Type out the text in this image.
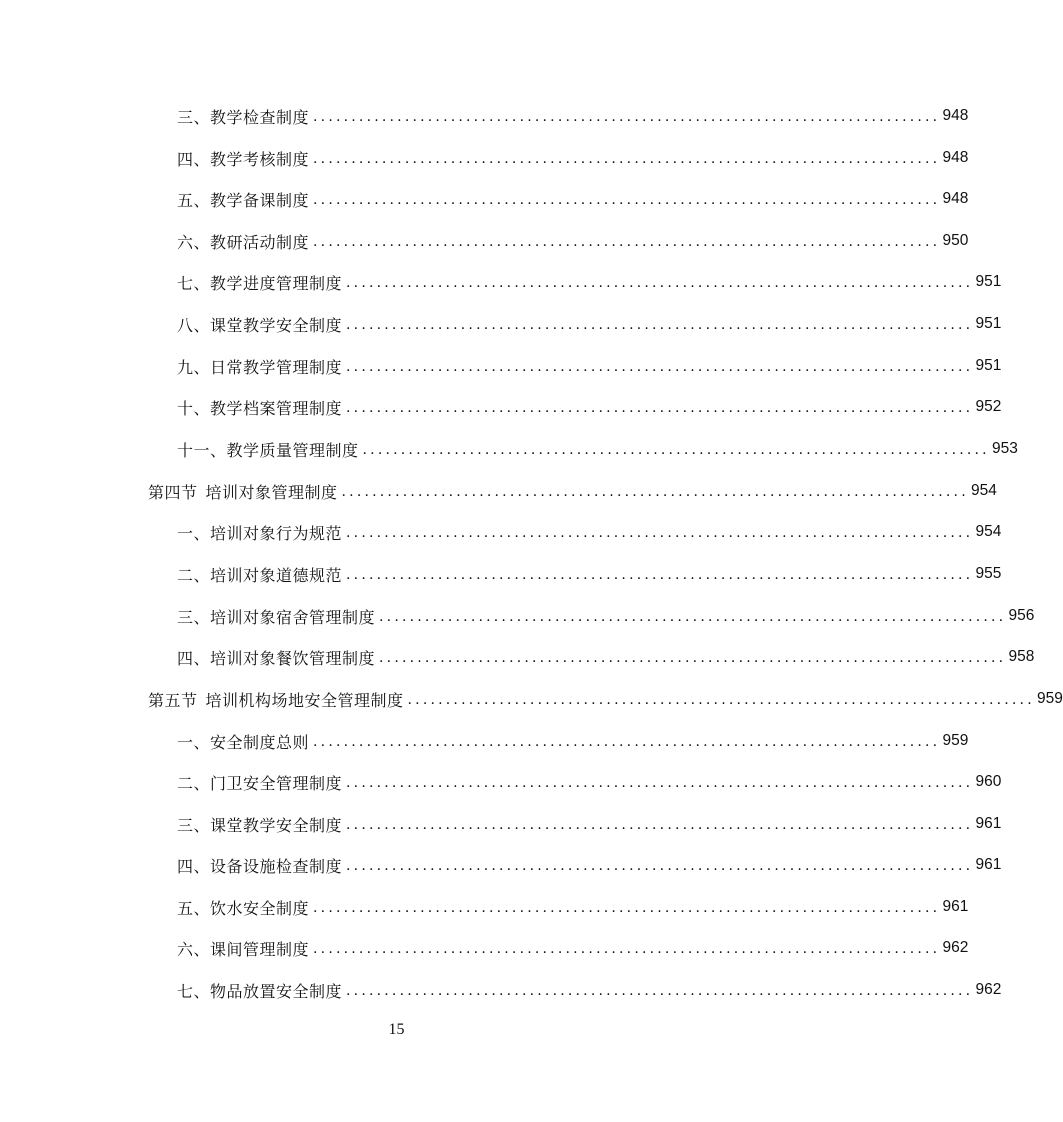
三、教学检查制度 .................................................................................. 948
四、教学考核制度 .................................................................................. 948
五、教学备课制度 .................................................................................. 948
六、教研活动制度 .................................................................................. 950
七、教学进度管理制度 .................................................................................. 951
八、课堂教学安全制度 .................................................................................. 951
九、日常教学管理制度 .................................................................................. 951
十、教学档案管理制度 .................................................................................. 952
十一、教学质量管理制度 .................................................................................. 953
第四节 培训对象管理制度 .................................................................................. 954
一、培训对象行为规范 .................................................................................. 954
二、培训对象道德规范 .................................................................................. 955
三、培训对象宿舍管理制度 .................................................................................. 956
四、培训对象餐饮管理制度 .................................................................................. 958
第五节 培训机构场地安全管理制度 .................................................................................. 959
一、安全制度总则 .................................................................................. 959
二、门卫安全管理制度 .................................................................................. 960
三、课堂教学安全制度 .................................................................................. 961
四、设备设施检查制度 .................................................................................. 961
五、饮水安全制度 .................................................................................. 961
六、课间管理制度 .................................................................................. 962
七、物品放置安全制度 .................................................................................. 962
15
